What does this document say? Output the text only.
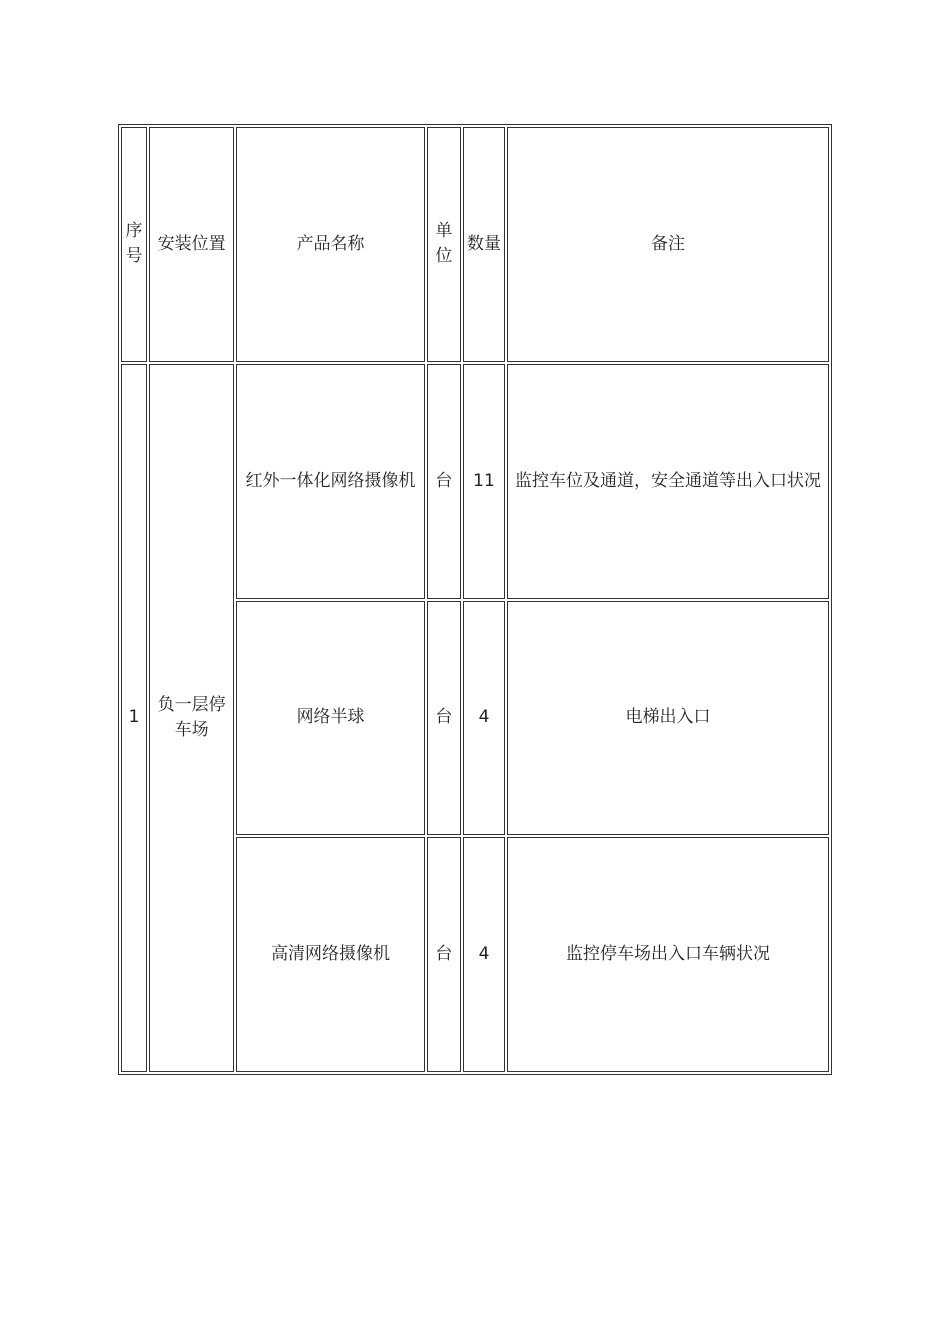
序号	安装位置	产品名称	单位	数量	备注
1	负一层停车场	红外一体化网络摄像机	台	11	监控车位及通道，安全通道等出入口状况
		网络半球	台	4	电梯出入口
		高清网络摄像机	台	4	监控停车场出入口车辆状况
